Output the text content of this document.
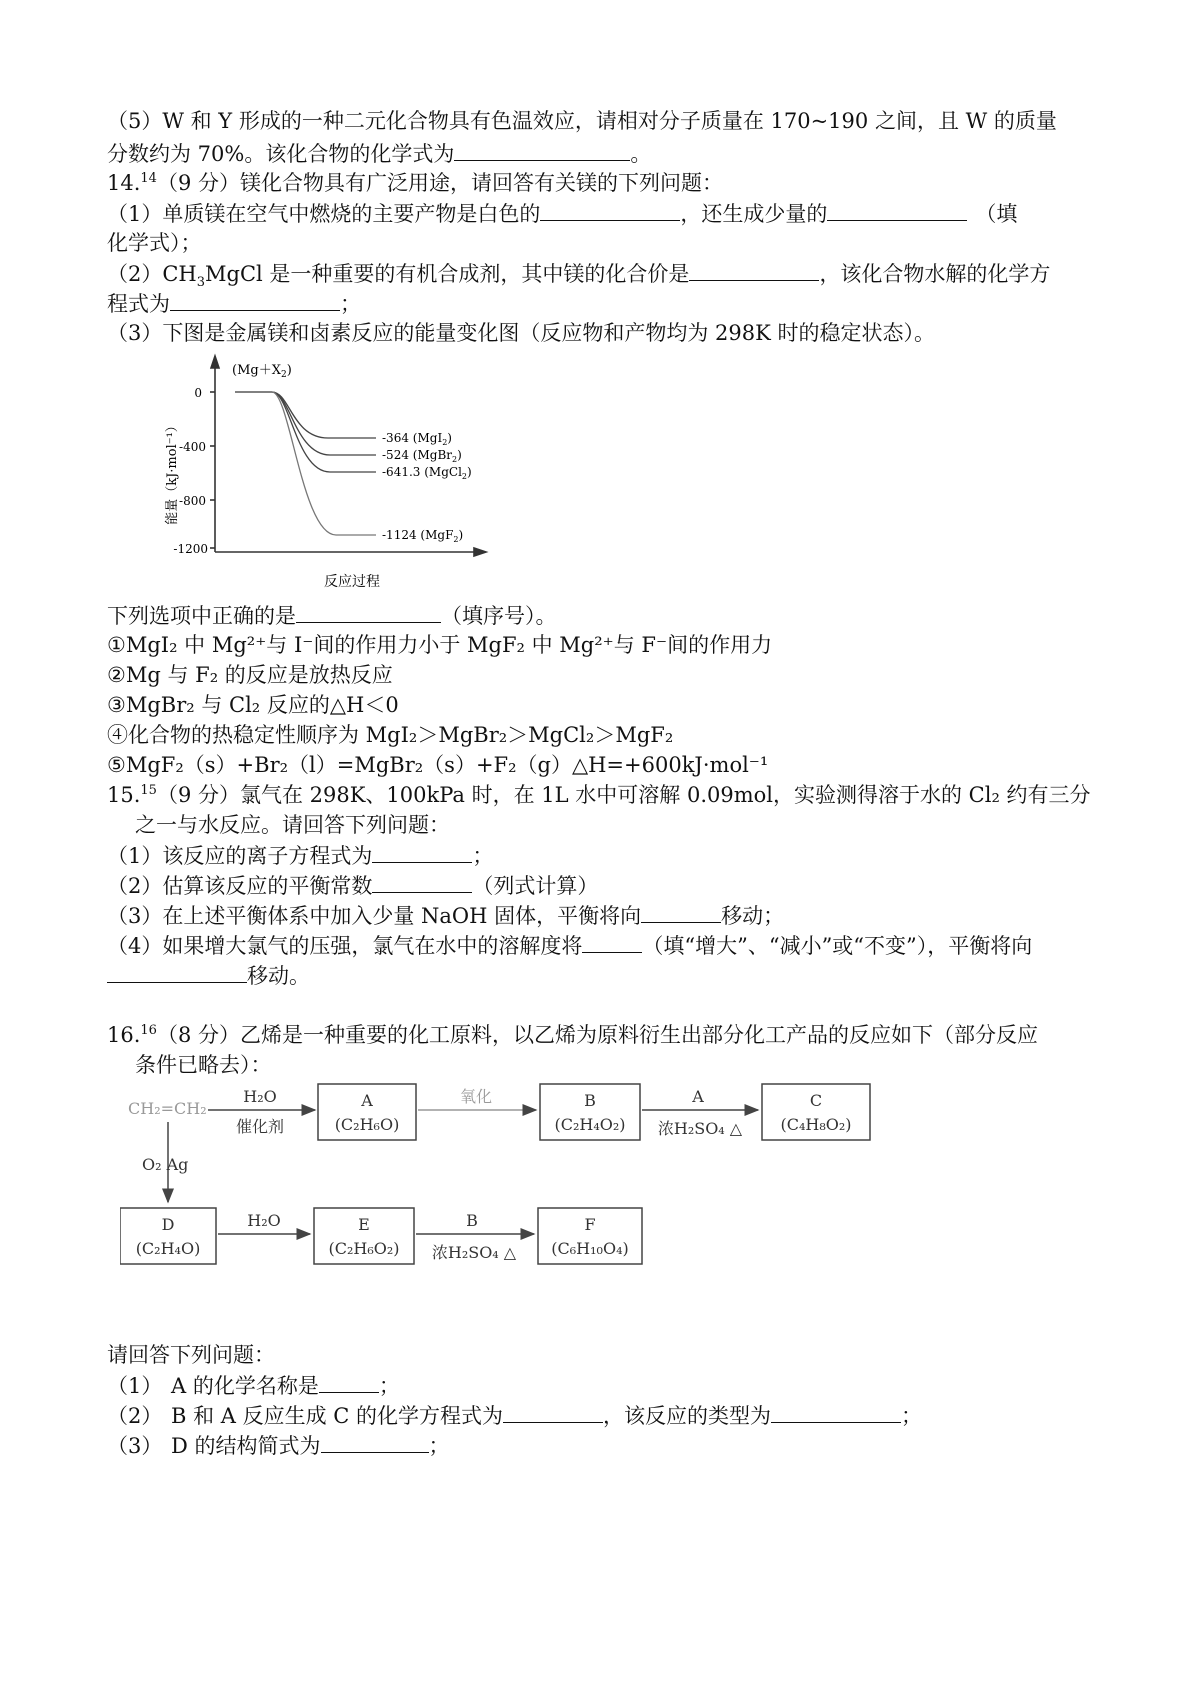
（5）W 和 Y 形成的一种二元化合物具有色温效应，请相对分子质量在 170~190 之间，且 W 的质量
分数约为 70%。该化合物的化学式为	。
14.14（9 分）镁化合物具有广泛用途，请回答有关镁的下列问题：
（1）单质镁在空气中燃烧的主要产物是白色的	，还生成少量的	（填
化学式）；
$(2)CH_3MgCl$ 是一种重要的有机合成剂，其中镁的化合价是	，该化合物水解的化学方
程式为	；
（3）下图是金属镁和卤素反应的能量变化图（反应物和产物均为 298K 时的稳定状态）。
0
-400
-800
-1200
能量（kJ·mol⁻¹）
反应过程
$(Mg+X_2)$
-364 (MgI$_2$)
-524 (MgBr$_2$)
-641.3 (MgCl$_2$)
-1124 (MgF$_2$)
下列选项中正确的是	（填序号）。
①MgI₂ 中 Mg²⁺与 I⁻间的作用力小于 MgF₂ 中 Mg²⁺与 F⁻间的作用力
②Mg 与 F₂ 的反应是放热反应
③MgBr₂ 与 Cl₂ 反应的△H＜0
④化合物的热稳定性顺序为 MgI₂＞MgBr₂＞MgCl₂＞MgF₂
⑤MgF₂（s）+Br₂（l）=MgBr₂（s）+F₂（g）△H=+600kJ·mol⁻¹
15.15（9 分）氯气在 298K、100kPa 时，在 1L 水中可溶解 0.09mol，实验测得溶于水的 Cl₂ 约有三分
之一与水反应。请回答下列问题：
（1）该反应的离子方程式为	；
（2）估算该反应的平衡常数	（列式计算）
（3）在上述平衡体系中加入少量 NaOH 固体，平衡将向	移动；
（4）如果增大氯气的压强，氯气在水中的溶解度将	（填“增大”、“减小”或“不变”），平衡将向
移动。
16.16（8 分）乙烯是一种重要的化工原料，以乙烯为原料衍生出部分化工产品的反应如下（部分反应
条件已略去）：
CH₂=CH₂
H₂O
催化剂
A
(C₂H₆O)
氧化	B
(C₂H₄O₂)
A
浓H₂SO₄ △
C
(C₄H₈O₂)
O₂ Ag
D
(C₂H₄O)
H₂O	E
(C₂H₆O₂)
B
浓H₂SO₄ △
F
(C₆H₁₀O₄)
请回答下列问题：
（1） A 的化学名称是	；
（2） B 和 A 反应生成 C 的化学方程式为	，该反应的类型为	；
（3） D 的结构简式为	；
